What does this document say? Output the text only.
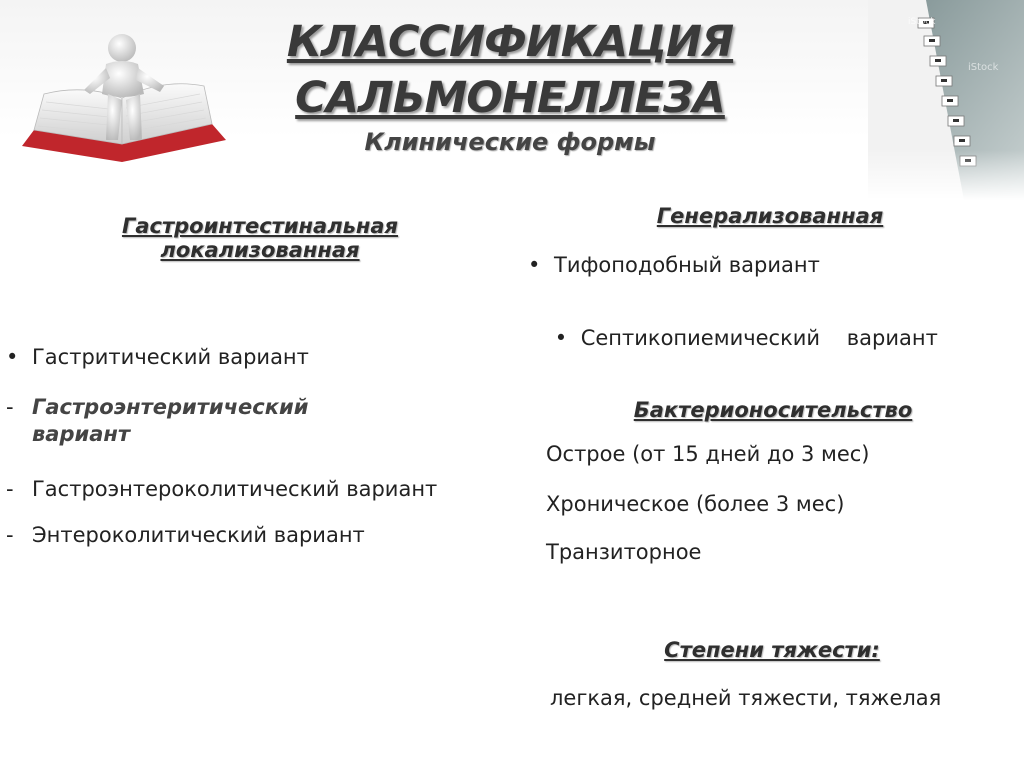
КЛАССИФИКАЦИЯ
САЛЬМОНЕЛЛЕЗА
Клинические формы
Гастроинтестинальная
локализованная
• Гастритический вариант
- Гастроэнтеритический
вариант
- Гастроэнтероколитический вариант
- Энтероколитический вариант
Генерализованная
• Тифоподобный вариант

• Септикопиемический    вариант

Бактерионосительство
Острое (от 15 дней до 3 мес)
Хроническое (более 3 мес)
Транзиторное
Степени тяжести:
легкая, средней тяжести, тяжелая
